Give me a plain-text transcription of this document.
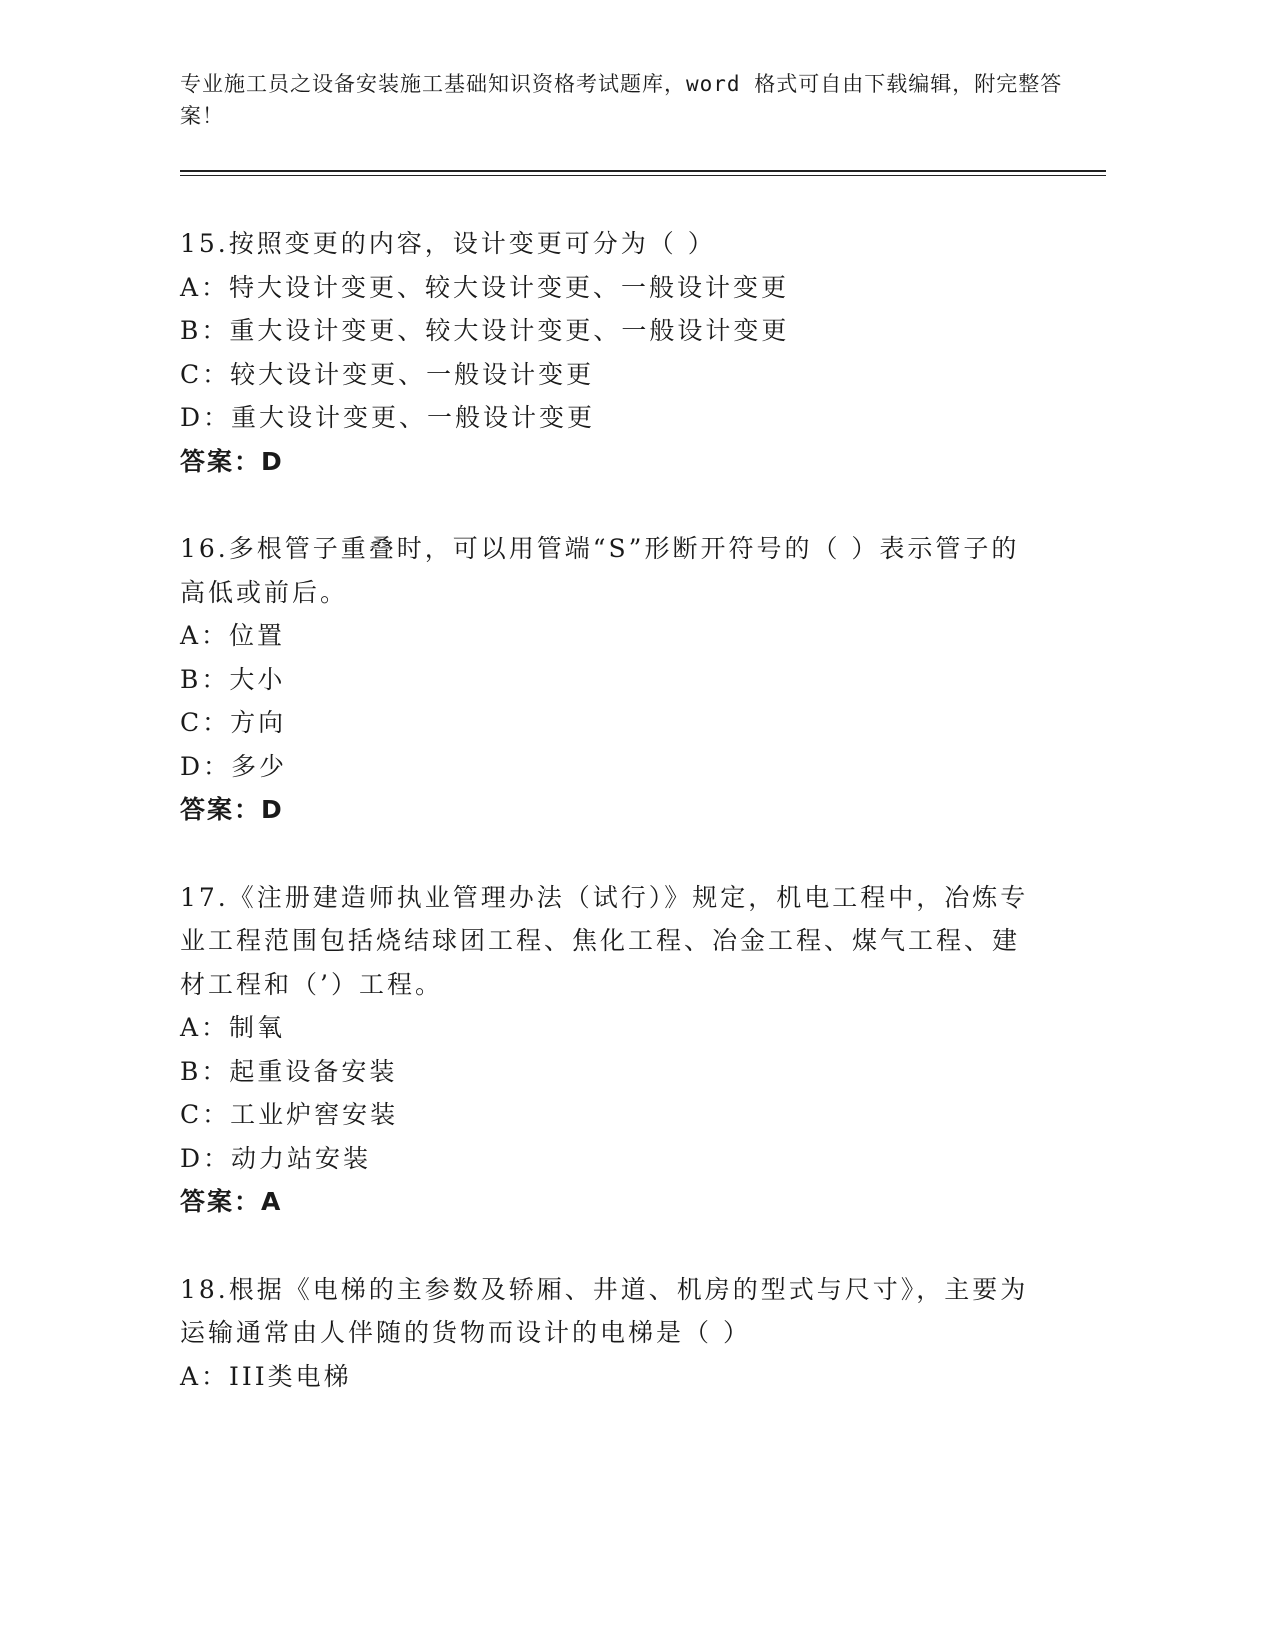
专业施工员之设备安装施工基础知识资格考试题库，word 格式可自由下载编辑，附完整答案！

15.按照变更的内容，设计变更可分为（ ）

A：特大设计变更、较大设计变更、一般设计变更

B：重大设计变更、较大设计变更、一般设计变更

C：较大设计变更、一般设计变更

D：重大设计变更、一般设计变更

答案：D

16.多根管子重叠时，可以用管端“S”形断开符号的（ ）表示管子的高低或前后。

A：位置

B：大小

C：方向

D：多少

答案：D

17.《注册建造师执业管理办法（试行）》规定，机电工程中，冶炼专业工程范围包括烧结球团工程、焦化工程、冶金工程、煤气工程、建材工程和（’）工程。

A：制氧

B：起重设备安装

C：工业炉窖安装

D：动力站安装

答案：A

18.根据《电梯的主参数及轿厢、井道、机房的型式与尺寸》，主要为运输通常由人伴随的货物而设计的电梯是（ ）

A：III类电梯
